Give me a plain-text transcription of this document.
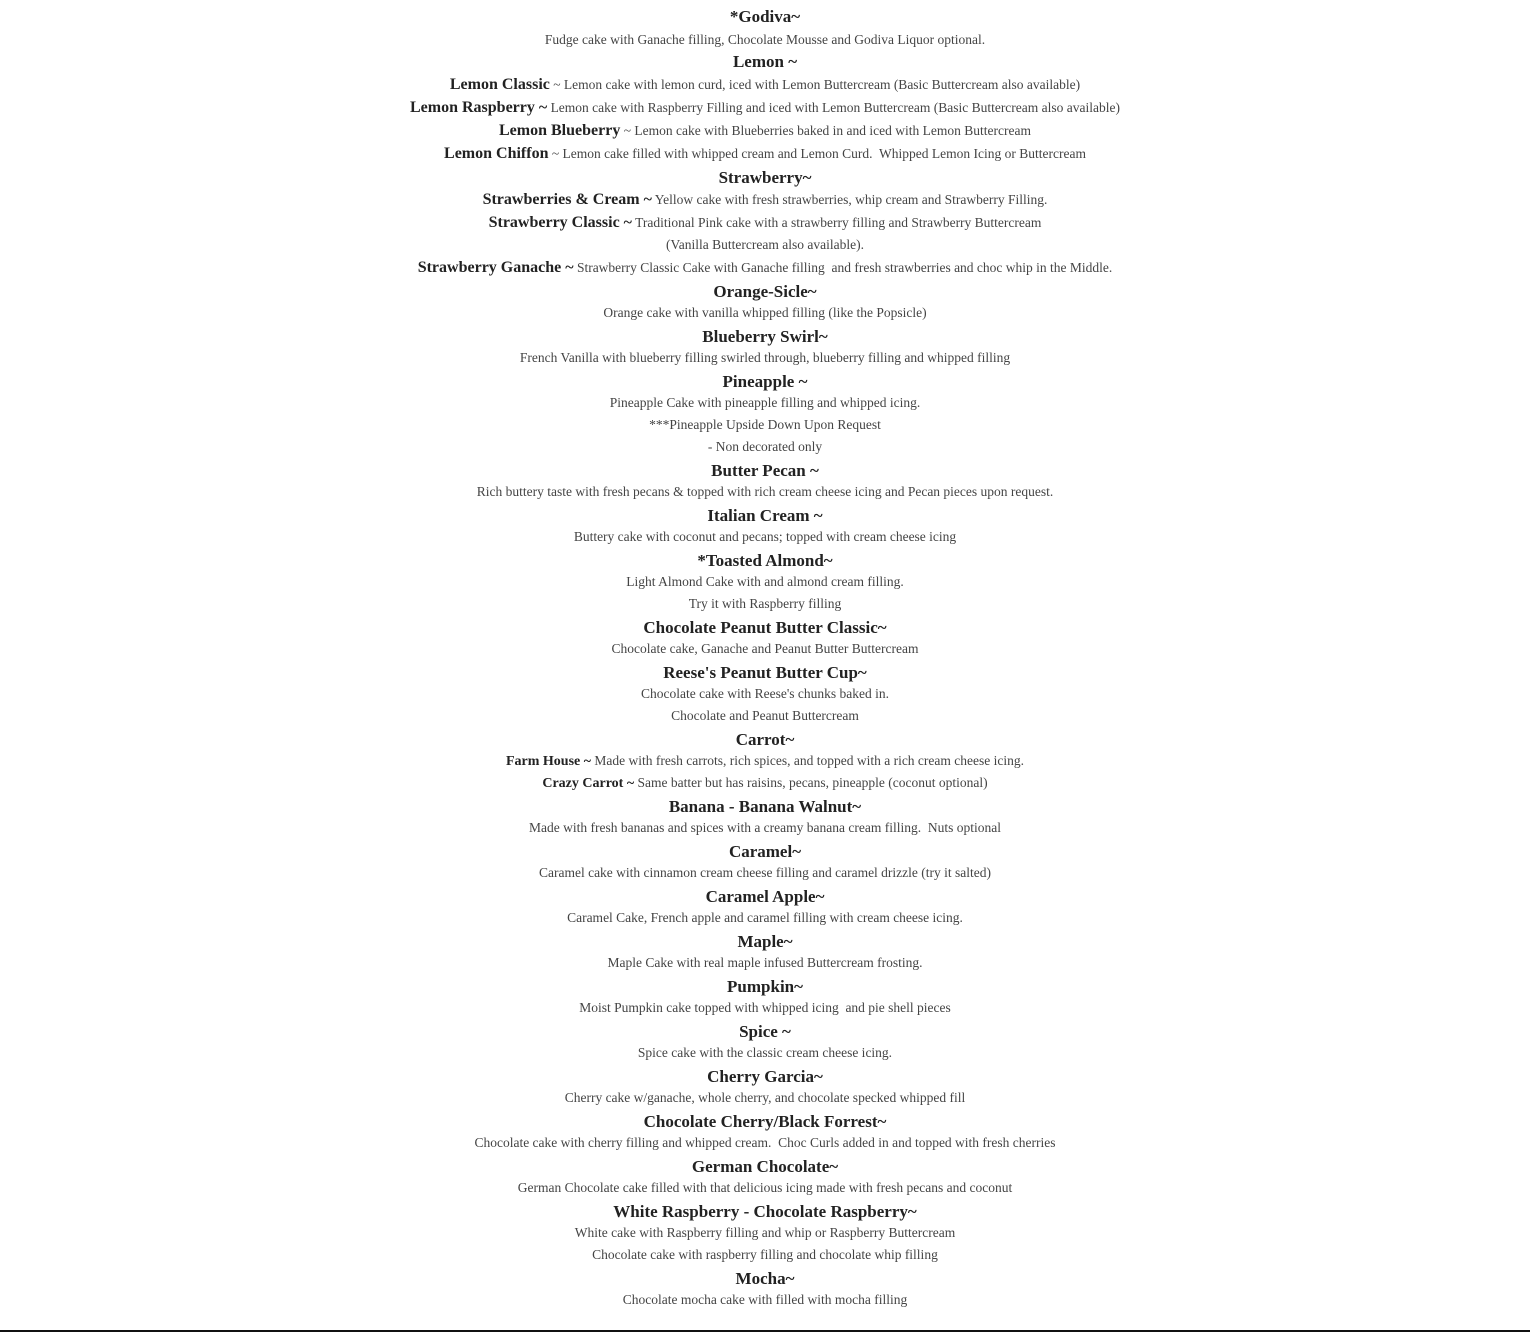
*Godiva~
Fudge cake with Ganache filling, Chocolate Mousse and Godiva Liquor optional.
Lemon ~
Lemon Classic ~ Lemon cake with lemon curd, iced with Lemon Buttercream (Basic Buttercream also available)
Lemon Raspberry ~ Lemon cake with Raspberry Filling and iced with Lemon Buttercream (Basic Buttercream also available)
Lemon Blueberry ~ Lemon cake with Blueberries baked in and iced with Lemon Buttercream
Lemon Chiffon ~ Lemon cake filled with whipped cream and Lemon Curd.  Whipped Lemon Icing or Buttercream
Strawberry~
Strawberries & Cream ~ Yellow cake with fresh strawberries, whip cream and Strawberry Filling.
Strawberry Classic ~ Traditional Pink cake with a strawberry filling and Strawberry Buttercream
(Vanilla Buttercream also available).
Strawberry Ganache ~ Strawberry Classic Cake with Ganache filling  and fresh strawberries and choc whip in the Middle.
Orange-Sicle~
Orange cake with vanilla whipped filling (like the Popsicle)
Blueberry Swirl~
French Vanilla with blueberry filling swirled through, blueberry filling and whipped filling
Pineapple ~
Pineapple Cake with pineapple filling and whipped icing.
***Pineapple Upside Down Upon Request
- Non decorated only
Butter Pecan ~
Rich buttery taste with fresh pecans & topped with rich cream cheese icing and Pecan pieces upon request.
Italian Cream ~
Buttery cake with coconut and pecans; topped with cream cheese icing
*Toasted Almond~
Light Almond Cake with and almond cream filling.
Try it with Raspberry filling
Chocolate Peanut Butter Classic~
Chocolate cake, Ganache and Peanut Butter Buttercream
Reese's Peanut Butter Cup~
Chocolate cake with Reese's chunks baked in.
Chocolate and Peanut Buttercream
Carrot~
Farm House ~ Made with fresh carrots, rich spices, and topped with a rich cream cheese icing.
Crazy Carrot ~ Same batter but has raisins, pecans, pineapple (coconut optional)
Banana - Banana Walnut~
Made with fresh bananas and spices with a creamy banana cream filling.  Nuts optional
Caramel~
Caramel cake with cinnamon cream cheese filling and caramel drizzle (try it salted)
Caramel Apple~
Caramel Cake, French apple and caramel filling with cream cheese icing.
Maple~
Maple Cake with real maple infused Buttercream frosting.
Pumpkin~
Moist Pumpkin cake topped with whipped icing  and pie shell pieces
Spice ~
Spice cake with the classic cream cheese icing.
Cherry Garcia~
Cherry cake w/ganache, whole cherry, and chocolate specked whipped fill
Chocolate Cherry/Black Forrest~
Chocolate cake with cherry filling and whipped cream.  Choc Curls added in and topped with fresh cherries
German Chocolate~
German Chocolate cake filled with that delicious icing made with fresh pecans and coconut
White Raspberry - Chocolate Raspberry~
White cake with Raspberry filling and whip or Raspberry Buttercream
Chocolate cake with raspberry filling and chocolate whip filling
Mocha~
Chocolate mocha cake with filled with mocha filling
